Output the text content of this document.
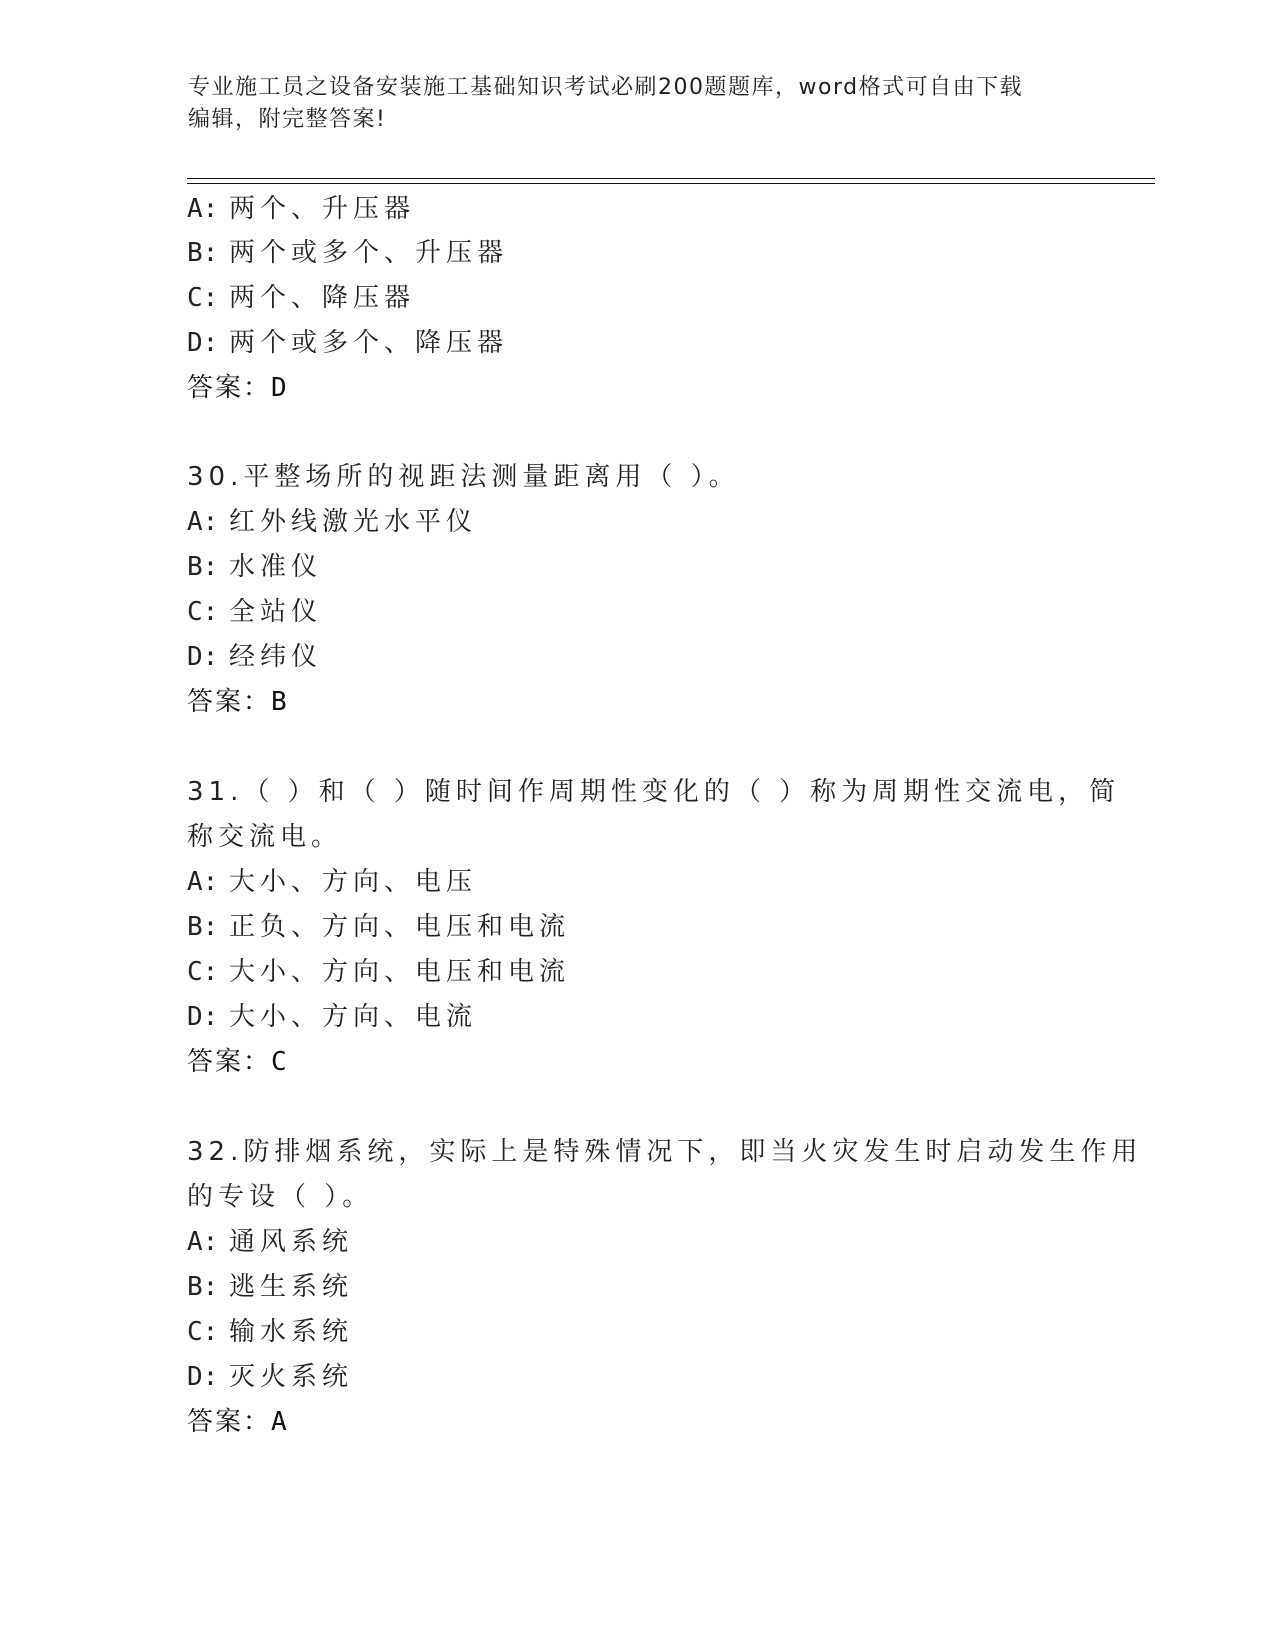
专业施工员之设备安装施工基础知识考试必刷200题题库，word格式可自由下载
编辑，附完整答案!
A: 两个、升压器
B: 两个或多个、升压器
C: 两个、降压器
D: 两个或多个、降压器
答案：D
30.平整场所的视距法测量距离用（ ）。
A: 红外线激光水平仪
B: 水准仪
C: 全站仪
D: 经纬仪
答案：B
31.（ ）和（ ）随时间作周期性变化的（ ）称为周期性交流电，简
称交流电。
A: 大小、方向、电压
B: 正负、方向、电压和电流
C: 大小、方向、电压和电流
D: 大小、方向、电流
答案：C
32.防排烟系统，实际上是特殊情况下，即当火灾发生时启动发生作用
的专设（ ）。
A: 通风系统
B: 逃生系统
C: 输水系统
D: 灭火系统
答案：A
